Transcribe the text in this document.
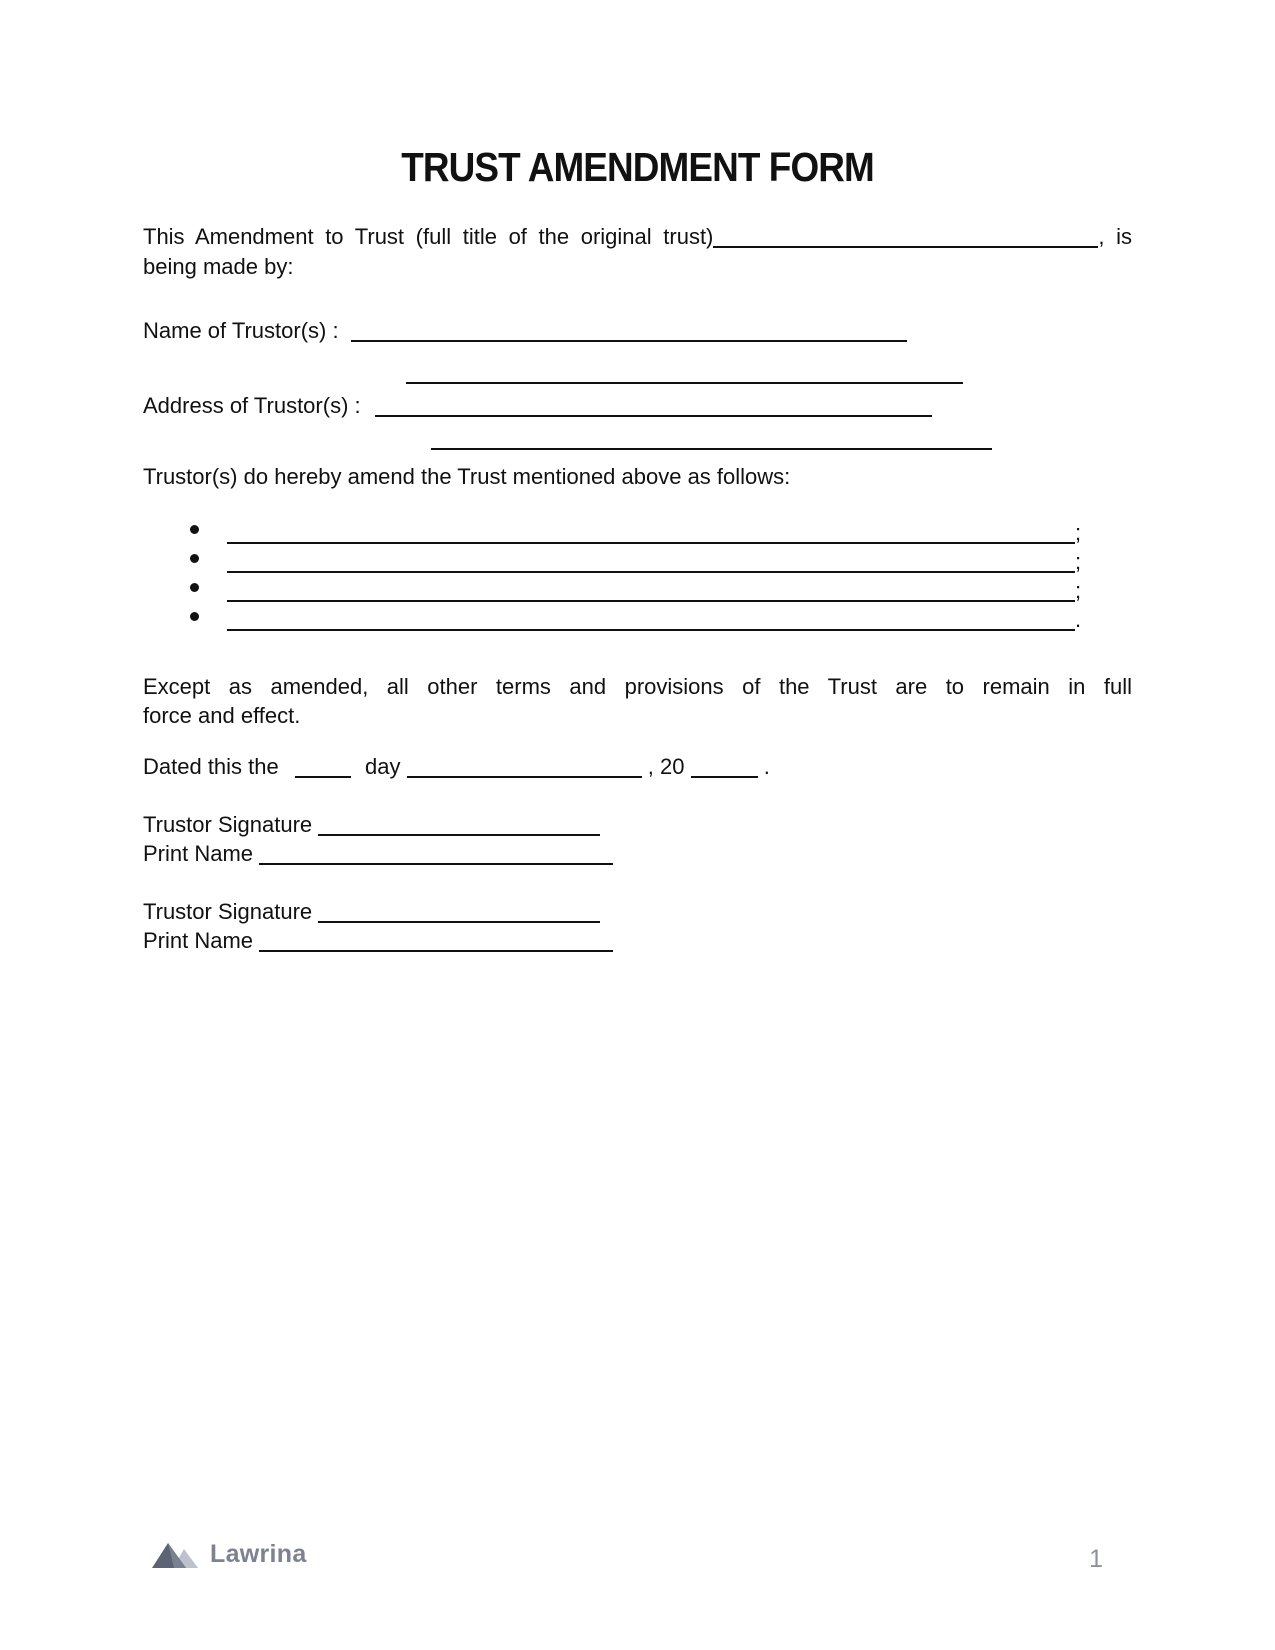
TRUST AMENDMENT FORM
This Amendment to Trust (full title of the original trust)	, is
being made by:
Name of Trustor(s) :
Address of Trustor(s) :
Trustor(s) do hereby amend the Trust mentioned above as follows:
;
;
;
.
Except as amended, all other terms and provisions of the Trust are to remain in full
force and effect.
Dated this the	day	, 20	.
Trustor Signature
Print Name
Trustor Signature
Print Name
Lawrina	1
